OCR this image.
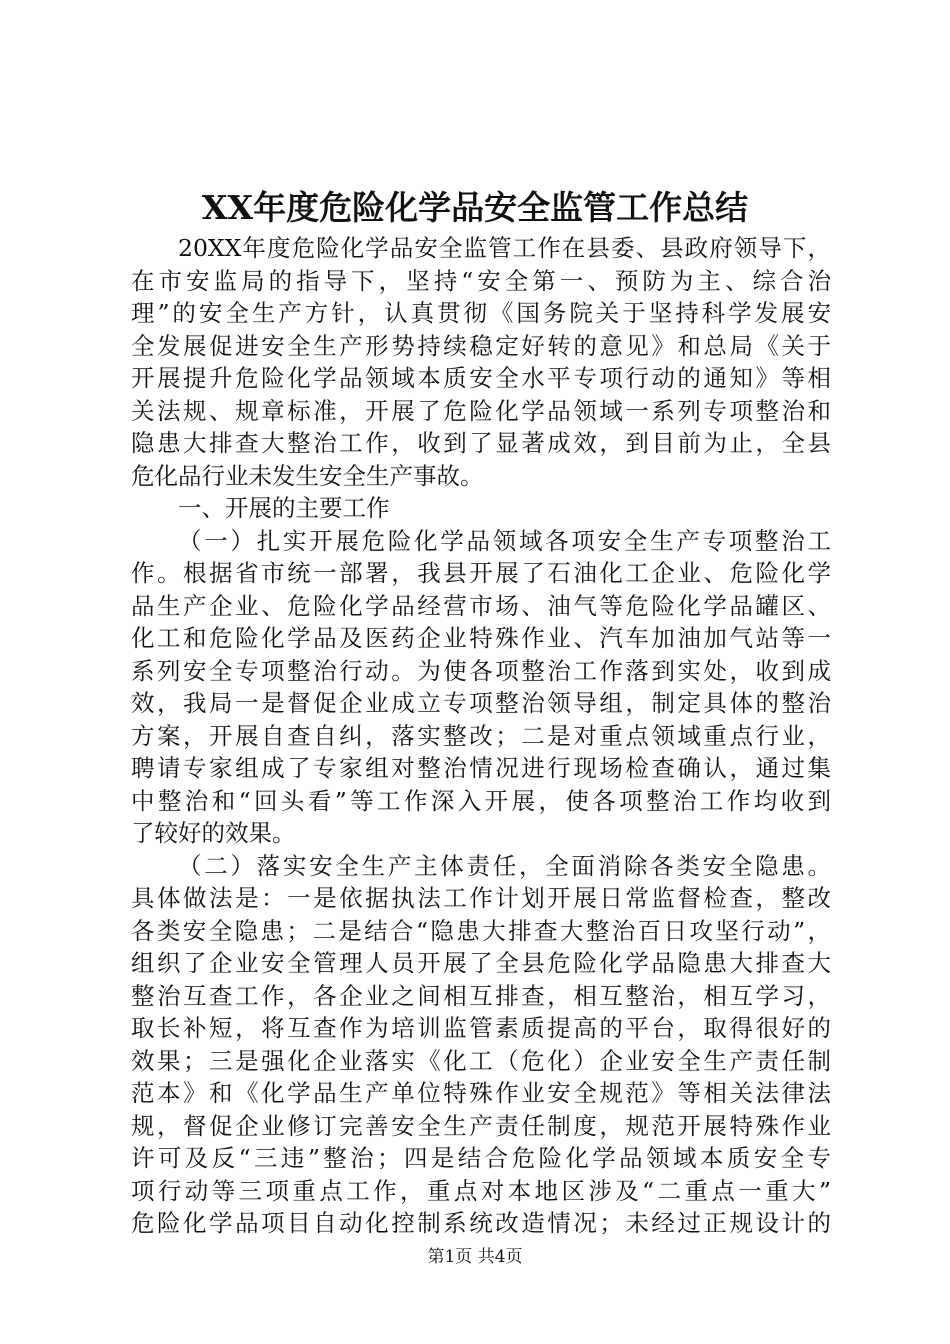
XX年度危险化学品安全监管工作总结
20XX年度危险化学品安全监管工作在县委、县政府领导下，
在市安监局的指导下，坚持“安全第一、预防为主、综合治
理”的安全生产方针，认真贯彻《国务院关于坚持科学发展安
全发展促进安全生产形势持续稳定好转的意见》和总局《关于
开展提升危险化学品领域本质安全水平专项行动的通知》等相
关法规、规章标准，开展了危险化学品领域一系列专项整治和
隐患大排查大整治工作，收到了显著成效，到目前为止，全县
危化品行业未发生安全生产事故。
一、开展的主要工作
（一）扎实开展危险化学品领域各项安全生产专项整治工
作。根据省市统一部署，我县开展了石油化工企业、危险化学
品生产企业、危险化学品经营市场、油气等危险化学品罐区、
化工和危险化学品及医药企业特殊作业、汽车加油加气站等一
系列安全专项整治行动。为使各项整治工作落到实处，收到成
效，我局一是督促企业成立专项整治领导组，制定具体的整治
方案，开展自查自纠，落实整改；二是对重点领域重点行业，
聘请专家组成了专家组对整治情况进行现场检查确认，通过集
中整治和“回头看”等工作深入开展，使各项整治工作均收到
了较好的效果。
（二）落实安全生产主体责任，全面消除各类安全隐患。
具体做法是：一是依据执法工作计划开展日常监督检查，整改
各类安全隐患；二是结合“隐患大排查大整治百日攻坚行动”，
组织了企业安全管理人员开展了全县危险化学品隐患大排查大
整治互查工作，各企业之间相互排查，相互整治，相互学习，
取长补短，将互查作为培训监管素质提高的平台，取得很好的
效果；三是强化企业落实《化工（危化）企业安全生产责任制
范本》和《化学品生产单位特殊作业安全规范》等相关法律法
规，督促企业修订完善安全生产责任制度，规范开展特殊作业
许可及反“三违”整治；四是结合危险化学品领域本质安全专
项行动等三项重点工作，重点对本地区涉及“二重点一重大”
危险化学品项目自动化控制系统改造情况；未经过正规设计的
第1页 共4页
